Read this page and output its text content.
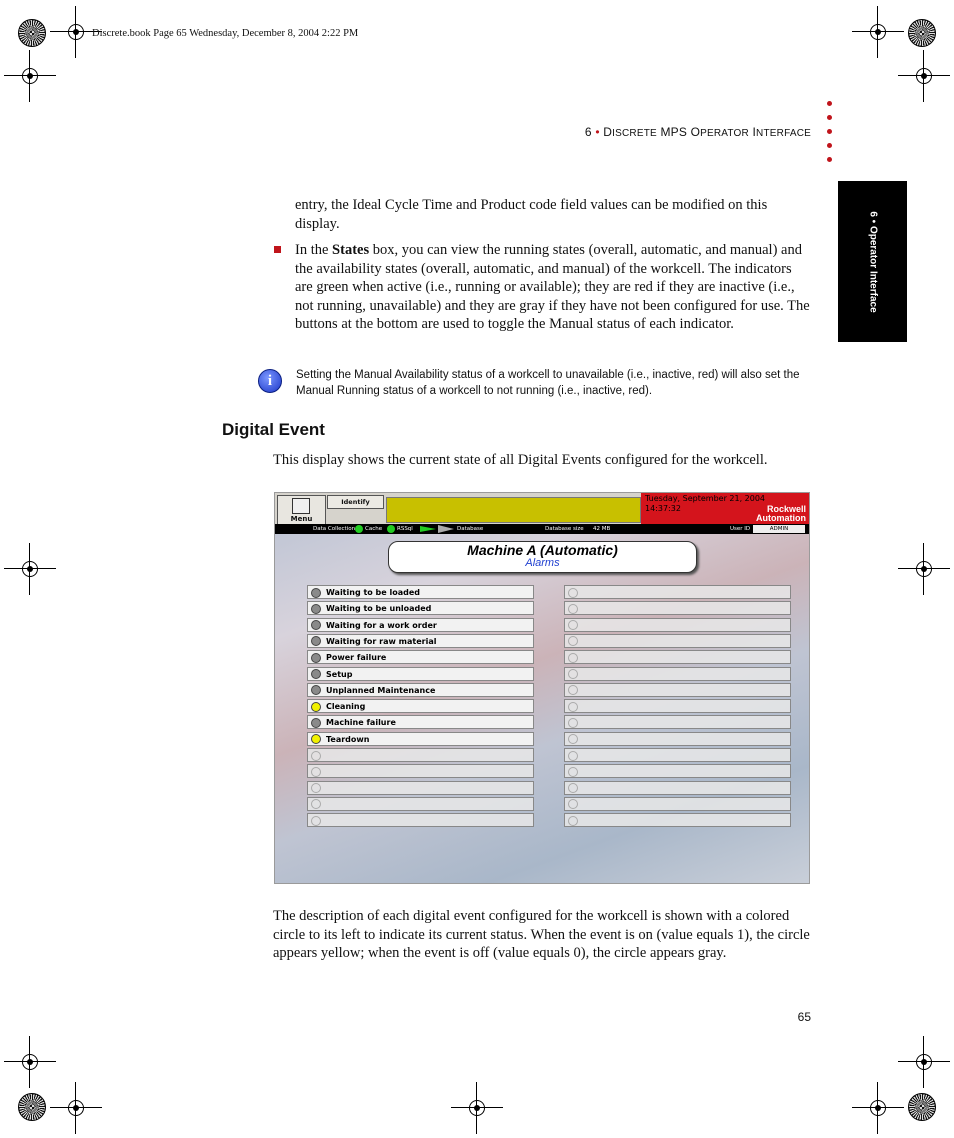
Discrete.book Page 65 Wednesday, December 8, 2004 2:22 PM
6 • DISCRETE MPS OPERATOR INTERFACE
6 • Operator Interface
entry, the Ideal Cycle Time and Product code field values can be modified on this display.
In the States box, you can view the running states (overall, automatic, and manual) and the availability states (overall, automatic, and manual) of the workcell. The indicators are green when active (i.e., running or available); they are red if they are inactive (i.e., not running, unavailable) and they are gray if they have not been configured for use. The buttons at the bottom are used to toggle the Manual status of each indicator.
i	Setting the Manual Availability status of a workcell to unavailable (i.e., inactive, red) will also set the Manual Running status of a workcell to not running (i.e., inactive, red).
Digital Event
This display shows the current state of all Digital Events configured for the workcell.
Menu
Identify	Tuesday, September 21, 2004
14:37:32	Rockwell
Automation
Data Collection Cache	RSSql	Database	Database size 42 MB	User ID	ADMIN
Machine A (Automatic)
Alarms
Waiting to be loaded
Waiting to be unloaded
Waiting for a work order
Waiting for raw material
Power failure
Setup
Unplanned Maintenance
Cleaning
Machine failure
Teardown
The description of each digital event configured for the workcell is shown with a colored circle to its left to indicate its current status. When the event is on (value equals 1), the circle appears yellow; when the event is off (value equals 0), the circle appears gray.
65
